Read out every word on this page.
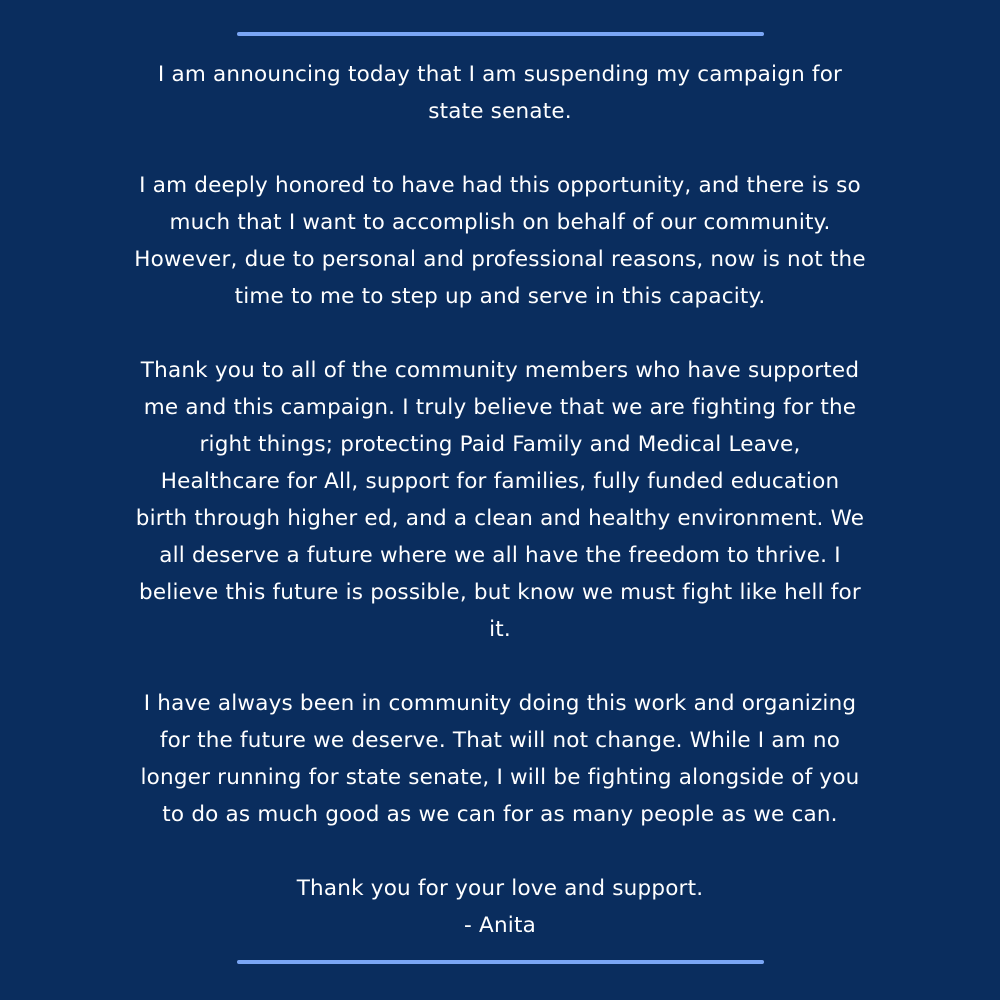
I am announcing today that I am suspending my campaign for
state senate.
I am deeply honored to have had this opportunity, and there is so
much that I want to accomplish on behalf of our community.
However, due to personal and professional reasons, now is not the
time to me to step up and serve in this capacity.
Thank you to all of the community members who have supported
me and this campaign. I truly believe that we are fighting for the
right things; protecting Paid Family and Medical Leave,
Healthcare for All, support for families, fully funded education
birth through higher ed, and a clean and healthy environment. We
all deserve a future where we all have the freedom to thrive. I
believe this future is possible, but know we must fight like hell for
it.
I have always been in community doing this work and organizing
for the future we deserve. That will not change. While I am no
longer running for state senate, I will be fighting alongside of you
to do as much good as we can for as many people as we can.
Thank you for your love and support.
- Anita
